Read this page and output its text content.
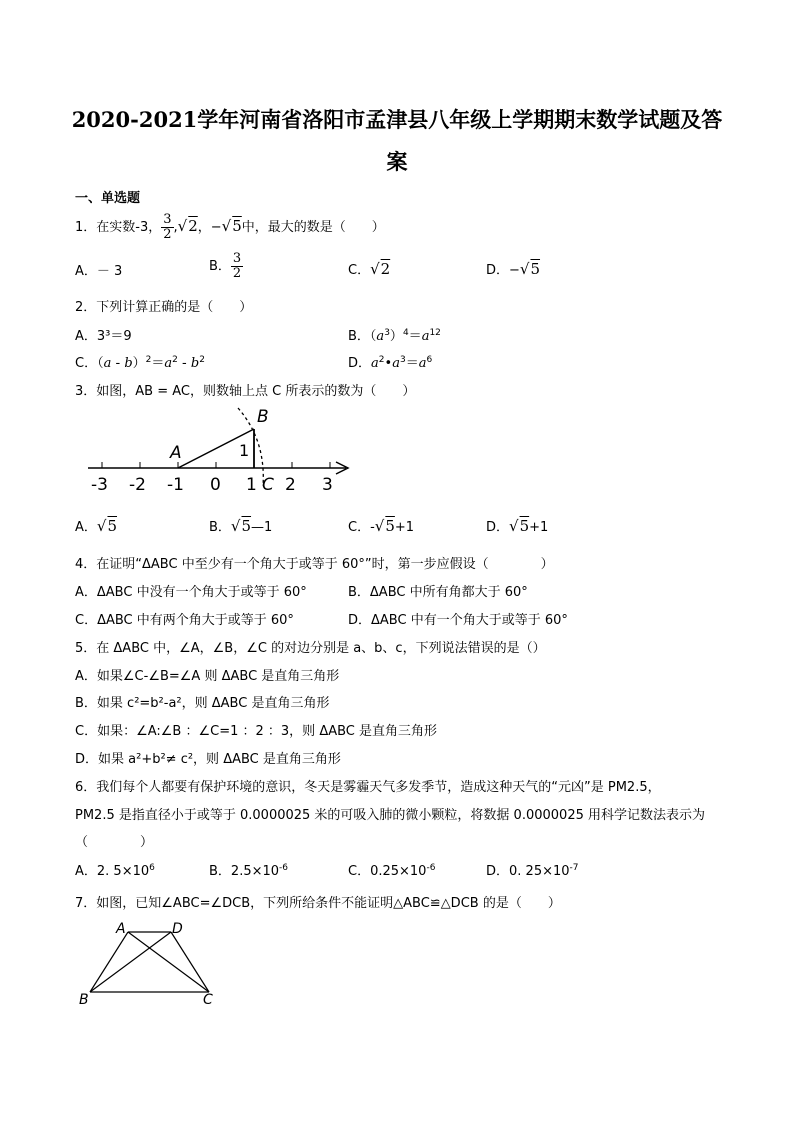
2020-2021学年河南省洛阳市孟津县八年级上学期期末数学试题及答
案
一、单选题
1．在实数-3， $\frac{3}{2} ,√2$，−√5中，最大的数是（　　）
A．－ 3	B． $\frac{3}{2}$	C．√2	D．−√5
2．下列计算正确的是（　　）
A．3³＝9	B．$(a^3)^4=a^{12}$
C．$(a - b)^2=a^2 - b^2$	D．$a^2•a^3=a^6$
3．如图，AB = AC，则数轴上点 C 所表示的数为（　　）
A
B
1
C
-3 -2 -1 0 1 2 3
A．√5	B．√5—1	C．-√5+1	D．√5+1
4．在证明“ΔABC 中至少有一个角大于或等于 60°”时，第一步应假设（　　　　）
A．ΔABC 中没有一个角大于或等于 60°	B．ΔABC 中所有角都大于 60°
C．ΔABC 中有两个角大于或等于 60°	D．ΔABC 中有一个角大于或等于 60°
5．在 ΔABC 中，∠A，∠B，∠C 的对边分别是 a、b、c，下列说法错误的是（）
A．如果∠C-∠B=∠A 则 ΔABC 是直角三角形
B．如果 c²=b²-a²，则 ΔABC 是直角三角形
C．如果：∠A:∠B ：∠C=1 ：2 ：3，则 ΔABC 是直角三角形
D．如果 a²+b²≠ c²，则 ΔABC 是直角三角形
6．我们每个人都要有保护环境的意识，冬天是雾霾天气多发季节，造成这种天气的“元凶”是 PM2.5，
PM2.5 是指直径小于或等于 0.0000025 米的可吸入肺的微小颗粒，将数据 0.0000025 用科学记数法表示为
（　　　　）
A．2. $5\times 10^6$	B．$2.5\times 10^{-6}$	C．$0.25\times 10^{-6}$	D．0. $25\times 10^{-7}$
7．如图，已知∠ABC=∠DCB，下列所给条件不能证明△ABC≌△DCB 的是（　　）
A	D
B	C
